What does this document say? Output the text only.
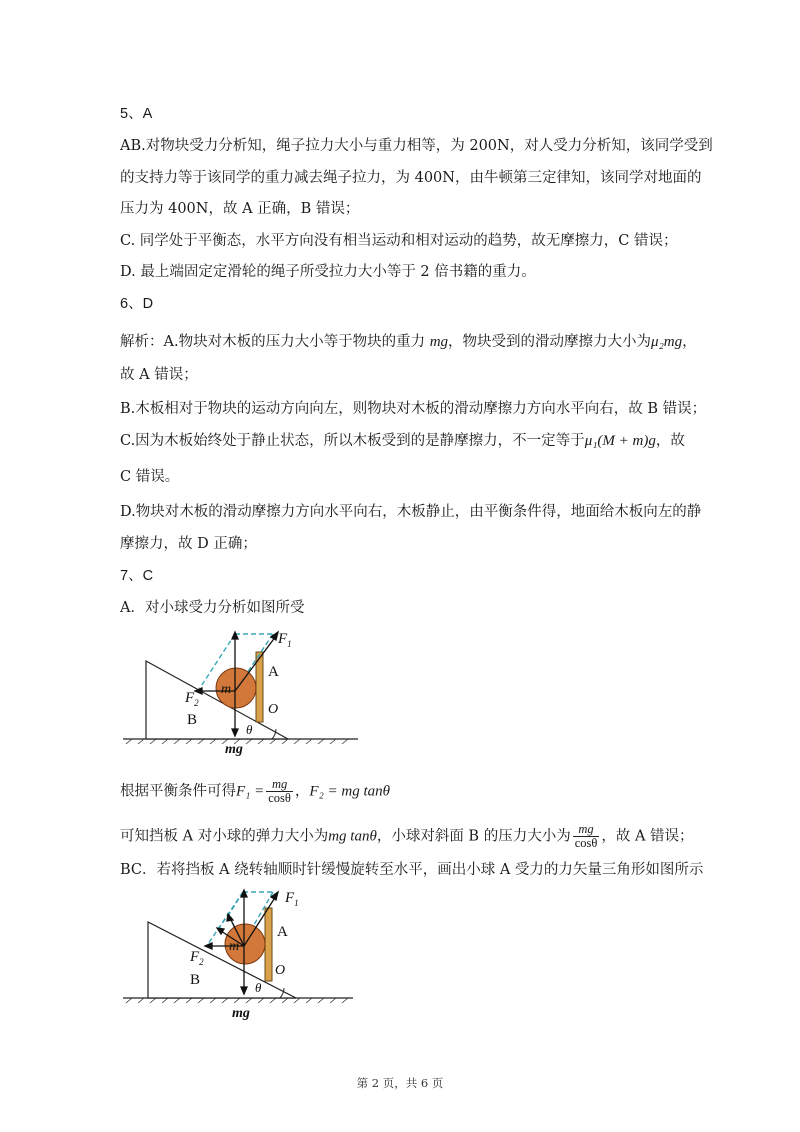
5、A
AB.对物块受力分析知，绳子拉力大小与重力相等，为 200N，对人受力分析知，该同学受到
的支持力等于该同学的重力减去绳子拉力，为 400N，由牛顿第三定律知，该同学对地面的
压力为 400N，故 A 正确，B 错误；
C. 同学处于平衡态，水平方向没有相当运动和相对运动的趋势，故无摩擦力，C 错误；
D. 最上端固定定滑轮的绳子所受拉力大小等于 2 倍书籍的重力。
6、D
解析：A.物块对木板的压力大小等于物块的重力 mg，物块受到的滑动摩擦力大小为μ₂mg，
故 A 错误；
B.木板相对于物块的运动方向向左，则物块对木板的滑动摩擦力方向水平向右，故 B 错误；
C.因为木板始终处于静止状态，所以木板受到的是静摩擦力，不一定等于μ₁(M + m)g，故
C 错误。
D.物块对木板的滑动摩擦力方向水平向右，木板静止，由平衡条件得，地面给木板向左的静
摩擦力，故 D 正确；
7、C
A．对小球受力分析如图所受
$F_1$
$F_2$
A
B
O
m
mg
θ
根据平衡条件可得$F_1 = \frac{mg}{\cos\theta}$ ，F₂ = mg tanθ
可知挡板 A 对小球的弹力大小为mg tanθ，小球对斜面 B 的压力大小为 $\frac{mg}{\cos\theta}$ ，故 A 错误；
BC．若将挡板 A 绕转轴顺时针缓慢旋转至水平，画出小球 A 受力的力矢量三角形如图所示
$F_1$
$F_2$
A
B
O
m
mg
θ
第 2 页，共 6 页
